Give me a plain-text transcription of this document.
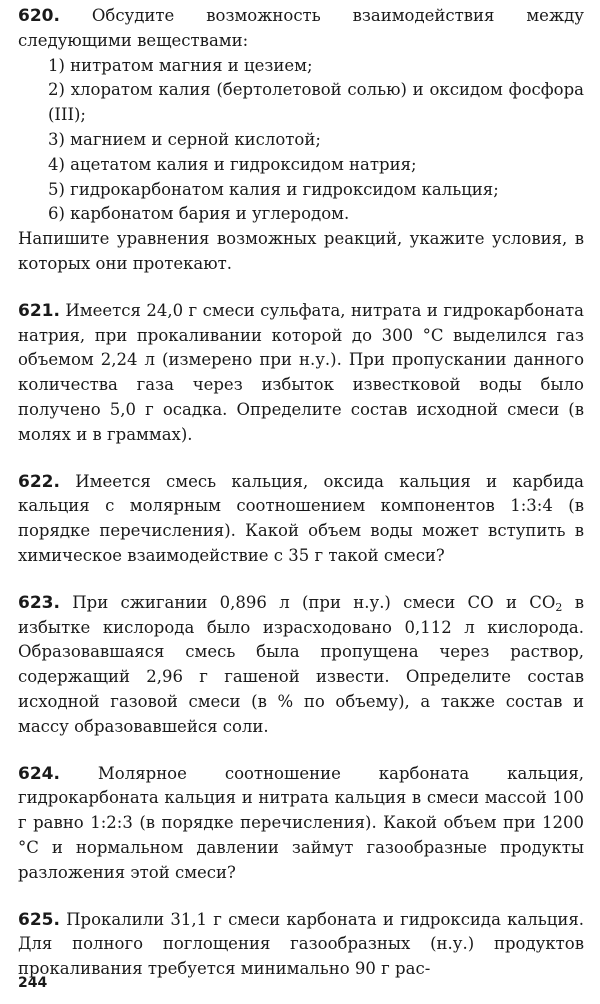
620. Обсудите возможность взаимодействия между следующими веществами:

1) нитратом магния и цезием;
2) хлоратом калия (бертолетовой солью) и оксидом фосфора (III);
3) магнием и серной кислотой;
4) ацетатом калия и гидроксидом натрия;
5) гидрокарбонатом калия и гидроксидом кальция;
6) карбонатом бария и углеродом.

Напишите уравнения возможных реакций, укажите условия, в которых они протекают.

621. Имеется 24,0 г смеси сульфата, нитрата и гидрокарбоната натрия, при прокаливании которой до 300 °С выделился газ объемом 2,24 л (измерено при н.у.). При пропускании данного количества газа через избыток известковой воды было получено 5,0 г осадка. Определите состав исходной смеси (в молях и в граммах).

622. Имеется смесь кальция, оксида кальция и карбида кальция с молярным соотношением компонентов 1:3:4 (в порядке перечисления). Какой объем воды может вступить в химическое взаимодействие с 35 г такой смеси?

623. При сжигании 0,896 л (при н.у.) смеси СО и $СО_2$ в избытке кислорода было израсходовано 0,112 л кислорода. Образовавшаяся смесь была пропущена через раствор, содержащий 2,96 г гашеной извести. Определите состав исходной газовой смеси (в % по объему), а также состав и массу образовавшейся соли.

624. Молярное соотношение карбоната кальция, гидрокарбоната кальция и нитрата кальция в смеси массой 100 г равно 1:2:3 (в порядке перечисления). Какой объем при 1200 °С и нормальном давлении займут газообразные продукты разложения этой смеси?

625. Прокалили 31,1 г смеси карбоната и гидроксида кальция. Для полного поглощения газообразных (н.у.) продуктов прокаливания требуется минимально 90 г рас-

244
